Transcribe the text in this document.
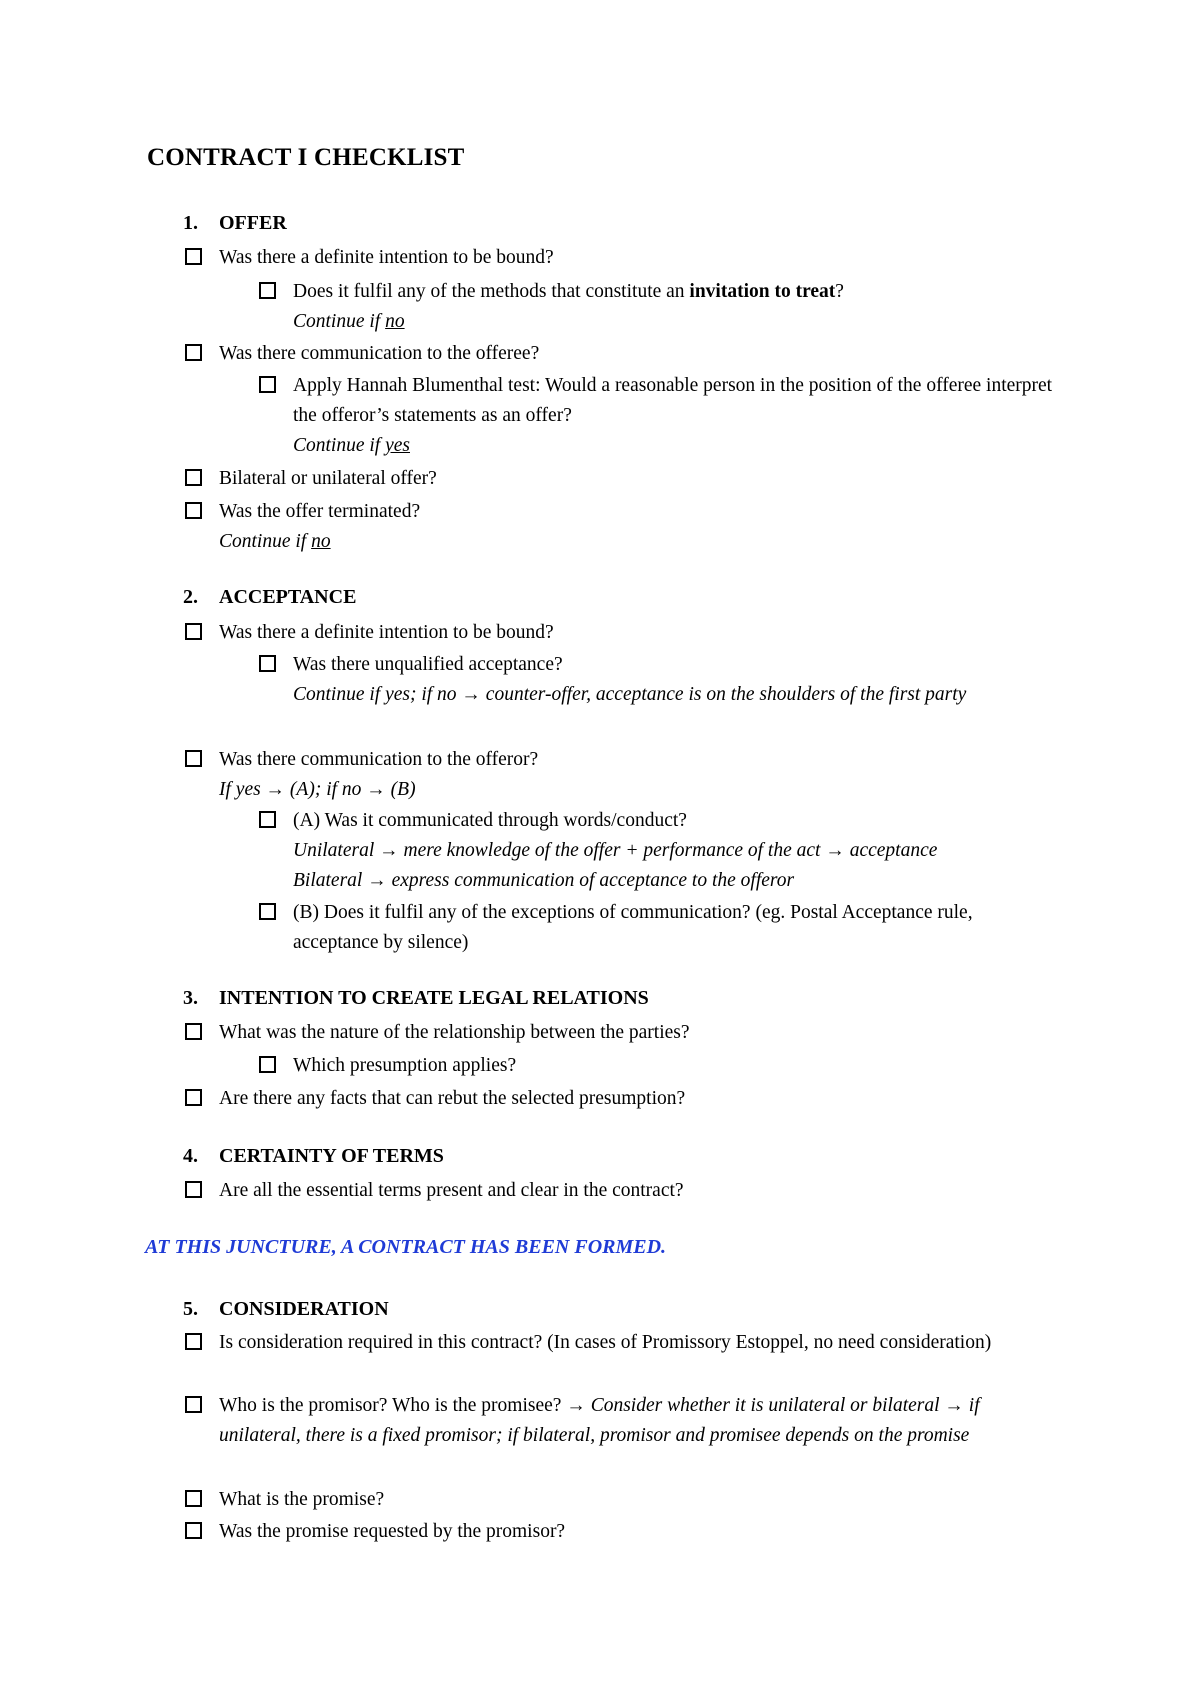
CONTRACT I CHECKLIST
1. OFFER
Was there a definite intention to be bound?
Does it fulfil any of the methods that constitute an invitation to treat?
Continue if no
Was there communication to the offeree?
Apply Hannah Blumenthal test: Would a reasonable person in the position of the offeree interpret the offeror’s statements as an offer?
Continue if yes
Bilateral or unilateral offer?
Was the offer terminated?
Continue if no
2. ACCEPTANCE
Was there a definite intention to be bound?
Was there unqualified acceptance?
Continue if yes; if no → counter-offer, acceptance is on the shoulders of the first party
Was there communication to the offeror?
If yes → (A); if no → (B)
(A) Was it communicated through words/conduct?
Unilateral → mere knowledge of the offer + performance of the act → acceptance
Bilateral → express communication of acceptance to the offeror
(B) Does it fulfil any of the exceptions of communication? (eg. Postal Acceptance rule, acceptance by silence)
3. INTENTION TO CREATE LEGAL RELATIONS
What was the nature of the relationship between the parties?
Which presumption applies?
Are there any facts that can rebut the selected presumption?
4. CERTAINTY OF TERMS
Are all the essential terms present and clear in the contract?
AT THIS JUNCTURE, A CONTRACT HAS BEEN FORMED.
5. CONSIDERATION
Is consideration required in this contract? (In cases of Promissory Estoppel, no need consideration)
Who is the promisor? Who is the promisee? → Consider whether it is unilateral or bilateral → if unilateral, there is a fixed promisor; if bilateral, promisor and promisee depends on the promise
What is the promise?
Was the promise requested by the promisor?
